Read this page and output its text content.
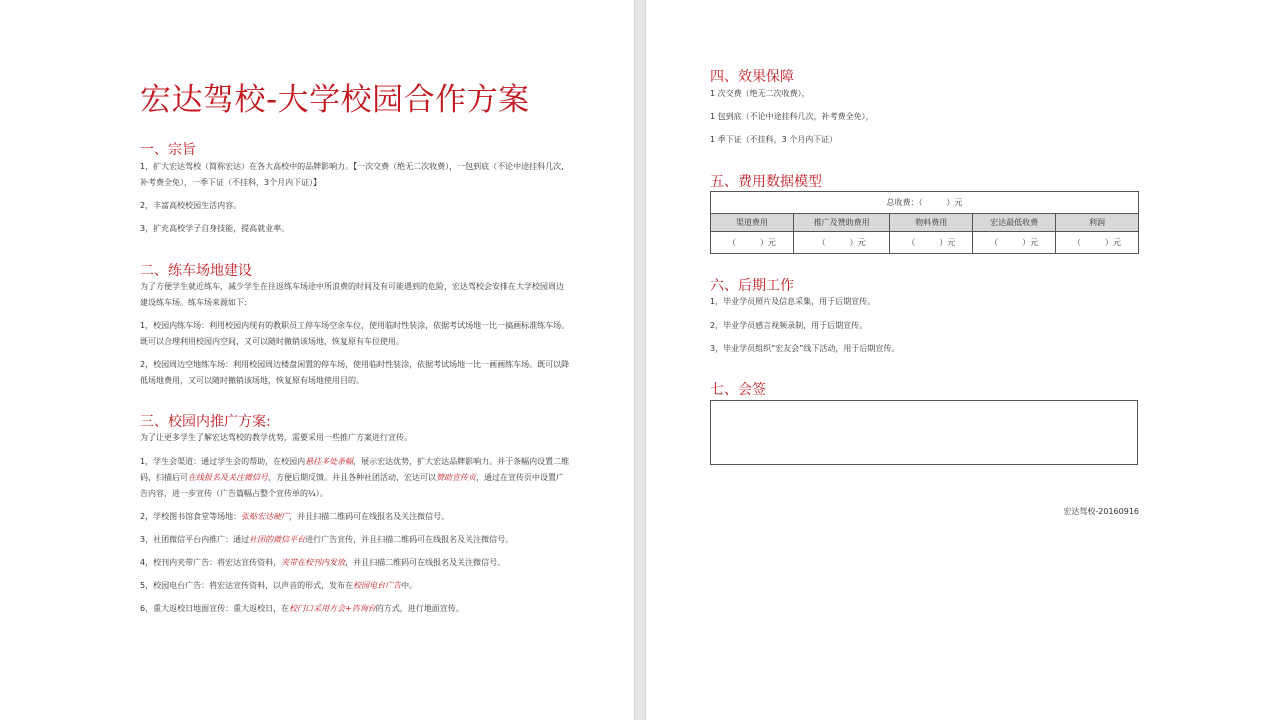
宏达驾校-大学校园合作方案
一、宗旨

1，扩大宏达驾校（简称宏达）在各大高校中的品牌影响力。【一次交费（绝无二次收费），一包到底（不论中途挂科几次,
补考费全免），一季下证（不挂科，3个月内下证）】

2，丰富高校校园生活内容。

3，扩充高校学子自身技能，提高就业率。

二、练车场地建设

为了方便学生就近练车，减少学生在往返练车场途中所浪费的时间及有可能遇到的危险，宏达驾校会安排在大学校园周边建设练车场。练车场来源如下:

1，校园内练车场：利用校园内现有的教职员工停车场空余车位，使用临时性装涂，依据考试场地一比一搞画标准练车场。既可以合理利用校园内空间，又可以随时撤销该场地，恢复原有车位使用。

2，校园周边空地练车场：利用校园周边楼盘闲置的停车场，使用临时性装涂，依据考试场地一比一画画练车场。既可以降低场地费用，又可以随时撤销该场地，恢复原有场地使用目的。

三、校园内推广方案:

为了让更多学生了解宏达驾校的教学优势，需要采用一些推广方案进行宣传。

1，学生会渠道：通过学生会的帮助，在校园内悬挂多处条幅，展示宏达优势，扩大宏达品牌影响力。并于条幅内设置二维码，扫描后可在线报名及关注微信号，方便后期反馈。并且各种社团活动，宏达可以赞助宣传页，通过在宣传页中设置广告内容，进一步宣传（广告篇幅占整个宣传单的¼）。

2，学校图书馆食堂等场地：张贴宏达硬广，并且扫描二维码可在线报名及关注微信号。

3，社团微信平台内推广：通过社团的微信平台进行广告宣传，并且扫描二维码可在线报名及关注微信号。

4，校刊内夹带广告：将宏达宣传资料，夹带在校刊内发放，并且扫描二维码可在线报名及关注微信号。

5，校园电台广告：将宏达宣传资料，以声音的形式，发布在校园电台广告中。

6，重大返校日地面宣传：重大返校日，在校门口采用方会+咨询台的方式，进行地面宣传。

四、效果保障

1 次交费（绝无二次收费），

1 包到底（不论中途挂科几次，补考费全免），

1 季下证（不挂科，3 个月内下证）

五、费用数据模型
总收费：（　　　）元				
渠道费用	推广及赞助费用	物料费用	宏达最低收费	利润
（　　　）元	（　　　）元	（　　　）元	（　　　）元	（　　　）元
六、后期工作

1，毕业学员照片及信息采集，用于后期宣传。

2，毕业学员感言视频录制，用于后期宣传。

3，毕业学员组织“宏友会”线下活动，用于后期宣传。

七、会签
宏达驾校-20160916
